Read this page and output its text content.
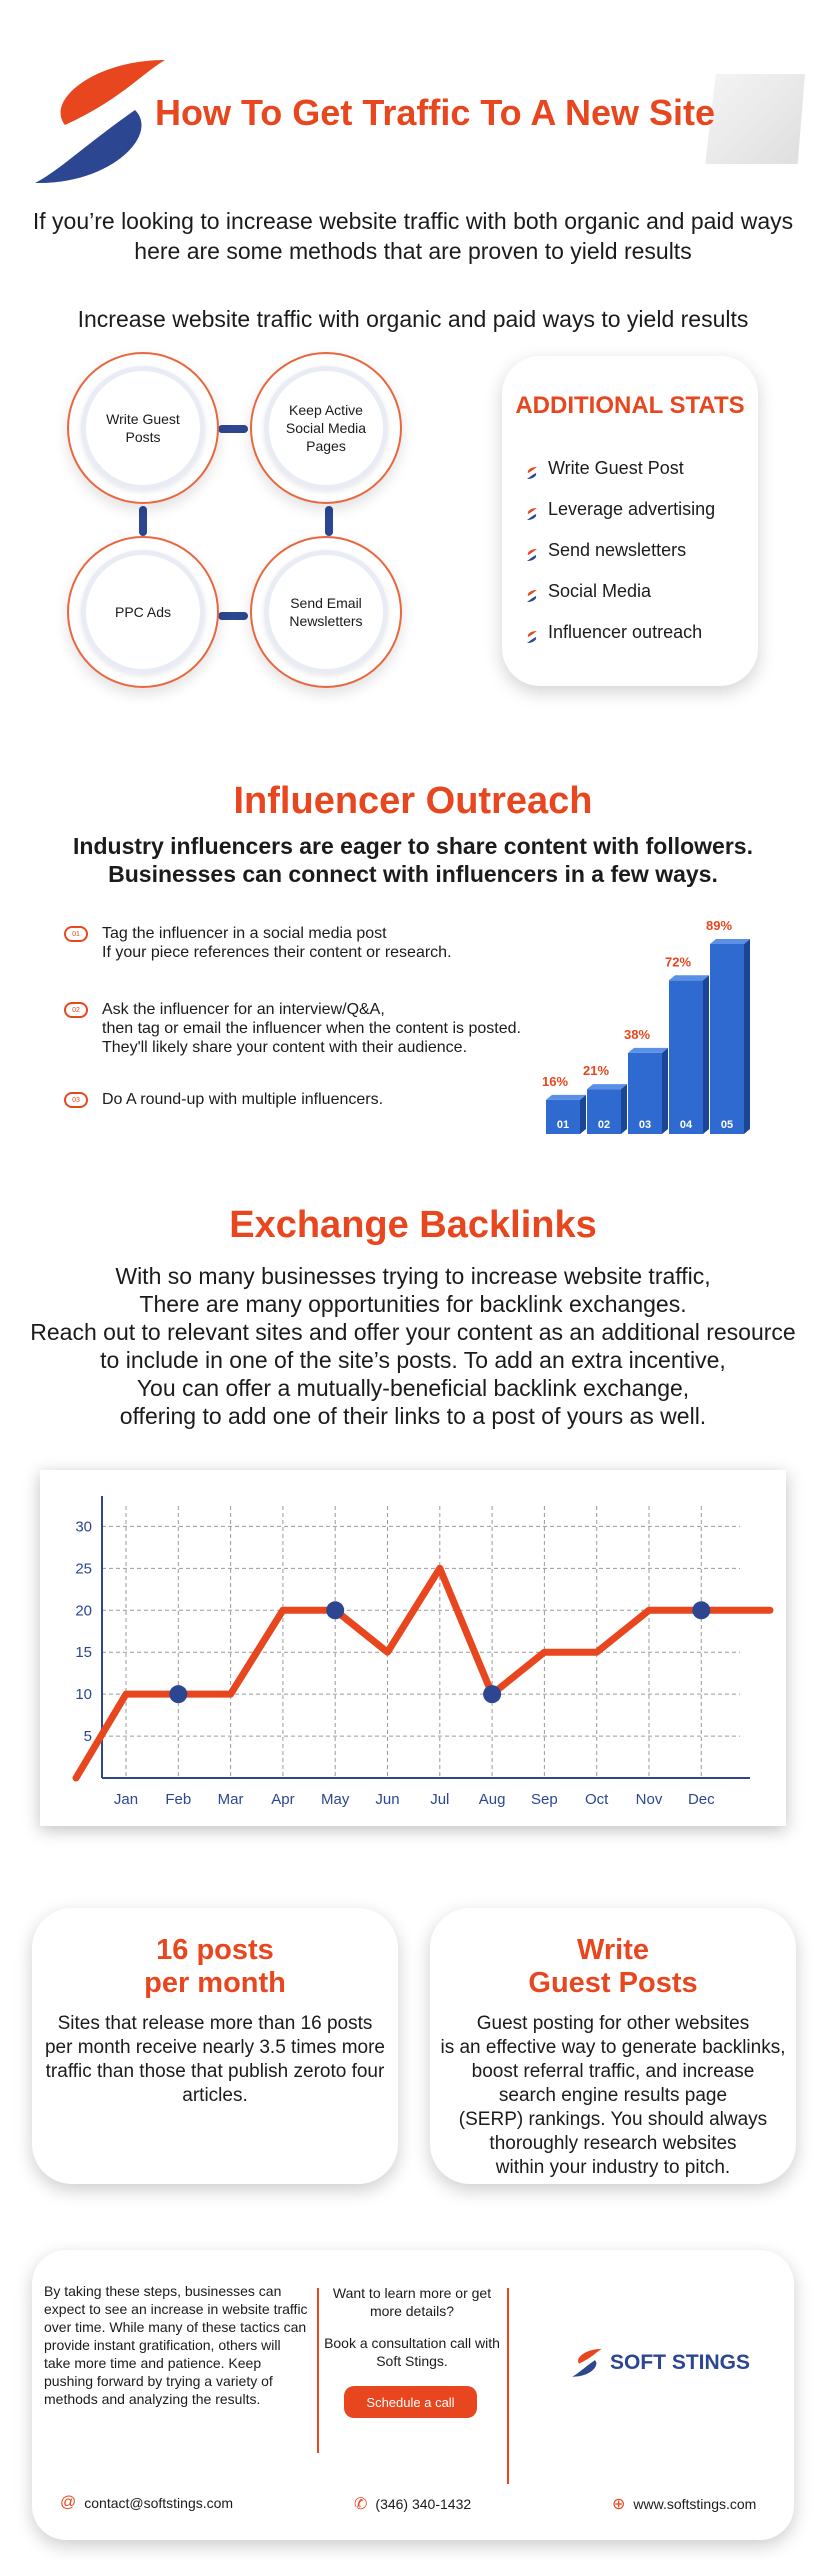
How To Get Traffic To A New Site
If you’re looking to increase website traffic with both organic and paid ways here are some methods that are proven to yield results
Increase website traffic with organic and paid ways to yield results
Write Guest Posts
Keep Active Social Media Pages
PPC Ads
Send Email Newsletters
ADDITIONAL STATS
Write Guest Post
Leverage advertising
Send newsletters
Social Media
Influencer outreach
Influencer Outreach
Industry influencers are eager to share content with followers. Businesses can connect with influencers in a few ways.
01	Tag the influencer in a social media post
If your piece references their content or research.
02	Ask the influencer for an interview/Q&A,
then tag or email the influencer when the content is posted.
They'll likely share your content with their audience.
03	Do A round-up with multiple influencers.
01
16%
02
21%
03
38%
04
72%
05
89%
Exchange Backlinks
With so many businesses trying to increase website traffic,
There are many opportunities for backlink exchanges.
Reach out to relevant sites and offer your content as an additional resource to include in one of the site’s posts. To add an extra incentive,
You can offer a mutually-beneficial backlink exchange,
offering to add one of their links to a post of yours as well.
5
10
15
20
25
30
Jan Feb Mar Apr May Jun Jul Aug Sep Oct Nov Dec
16 posts
per month
Sites that release more than 16 posts per month receive nearly 3.5 times more traffic than those that publish zeroto four articles.
Write
Guest Posts
Guest posting for other websites
is an effective way to generate backlinks,
boost referral traffic, and increase
search engine results page
(SERP) rankings. You should always
thoroughly research websites
within your industry to pitch.
By taking these steps, businesses can expect to see an increase in website traffic over time. While many of these tactics can provide instant gratification, others will take more time and patience. Keep pushing forward by trying a variety of methods and analyzing the results.
Want to learn more or get more details?
Book a consultation call with Soft Stings.
Schedule a call
SOFT STINGS
@ contact@softstings.com	✆ (346) 340-1432	⊕ www.softstings.com
